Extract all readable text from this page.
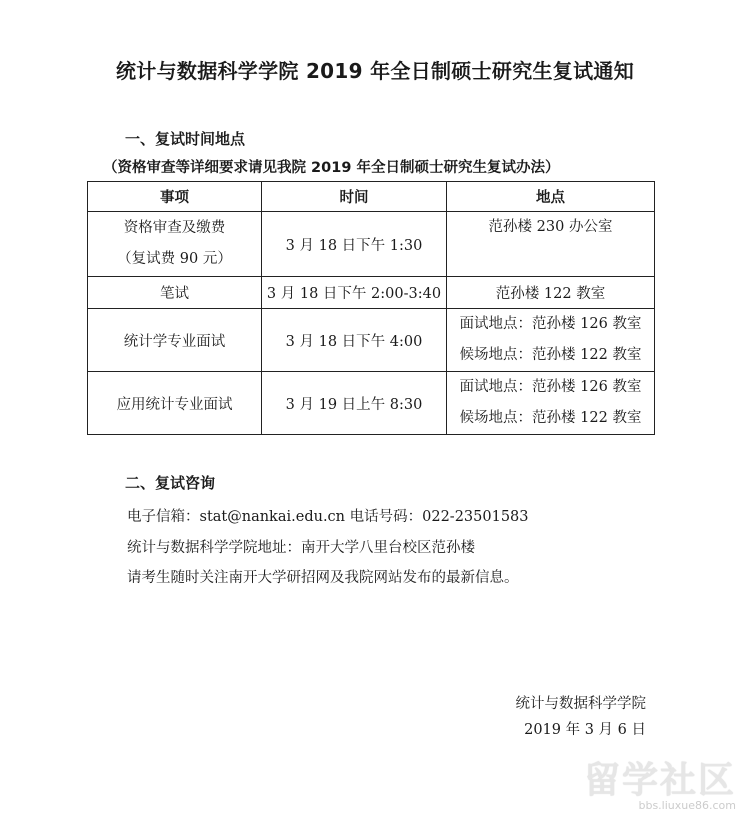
统计与数据科学学院 2019 年全日制硕士研究生复试通知
一、复试时间地点
（资格审查等详细要求请见我院 2019 年全日制硕士研究生复试办法）
事项	时间	地点

资格审查及缴费
（复试费 90 元）	3 月 18 日下午 1:30	范孙楼 230 办公室

笔试	3 月 18 日下午 2:00-3:40	范孙楼 122 教室
统计学专业面试	3 月 18 日下午 4:00	面试地点：范孙楼 126 教室
候场地点：范孙楼 122 教室

应用统计专业面试	3 月 19 日上午 8:30	面试地点：范孙楼 126 教室
候场地点：范孙楼 122 教室
二、复试咨询
电子信箱：stat@nankai.edu.cn 电话号码：022-23501583
统计与数据科学学院地址：南开大学八里台校区范孙楼
请考生随时关注南开大学研招网及我院网站发布的最新信息。
统计与数据科学学院
2019 年 3 月 6 日
留学社区
bbs.liuxue86.com
